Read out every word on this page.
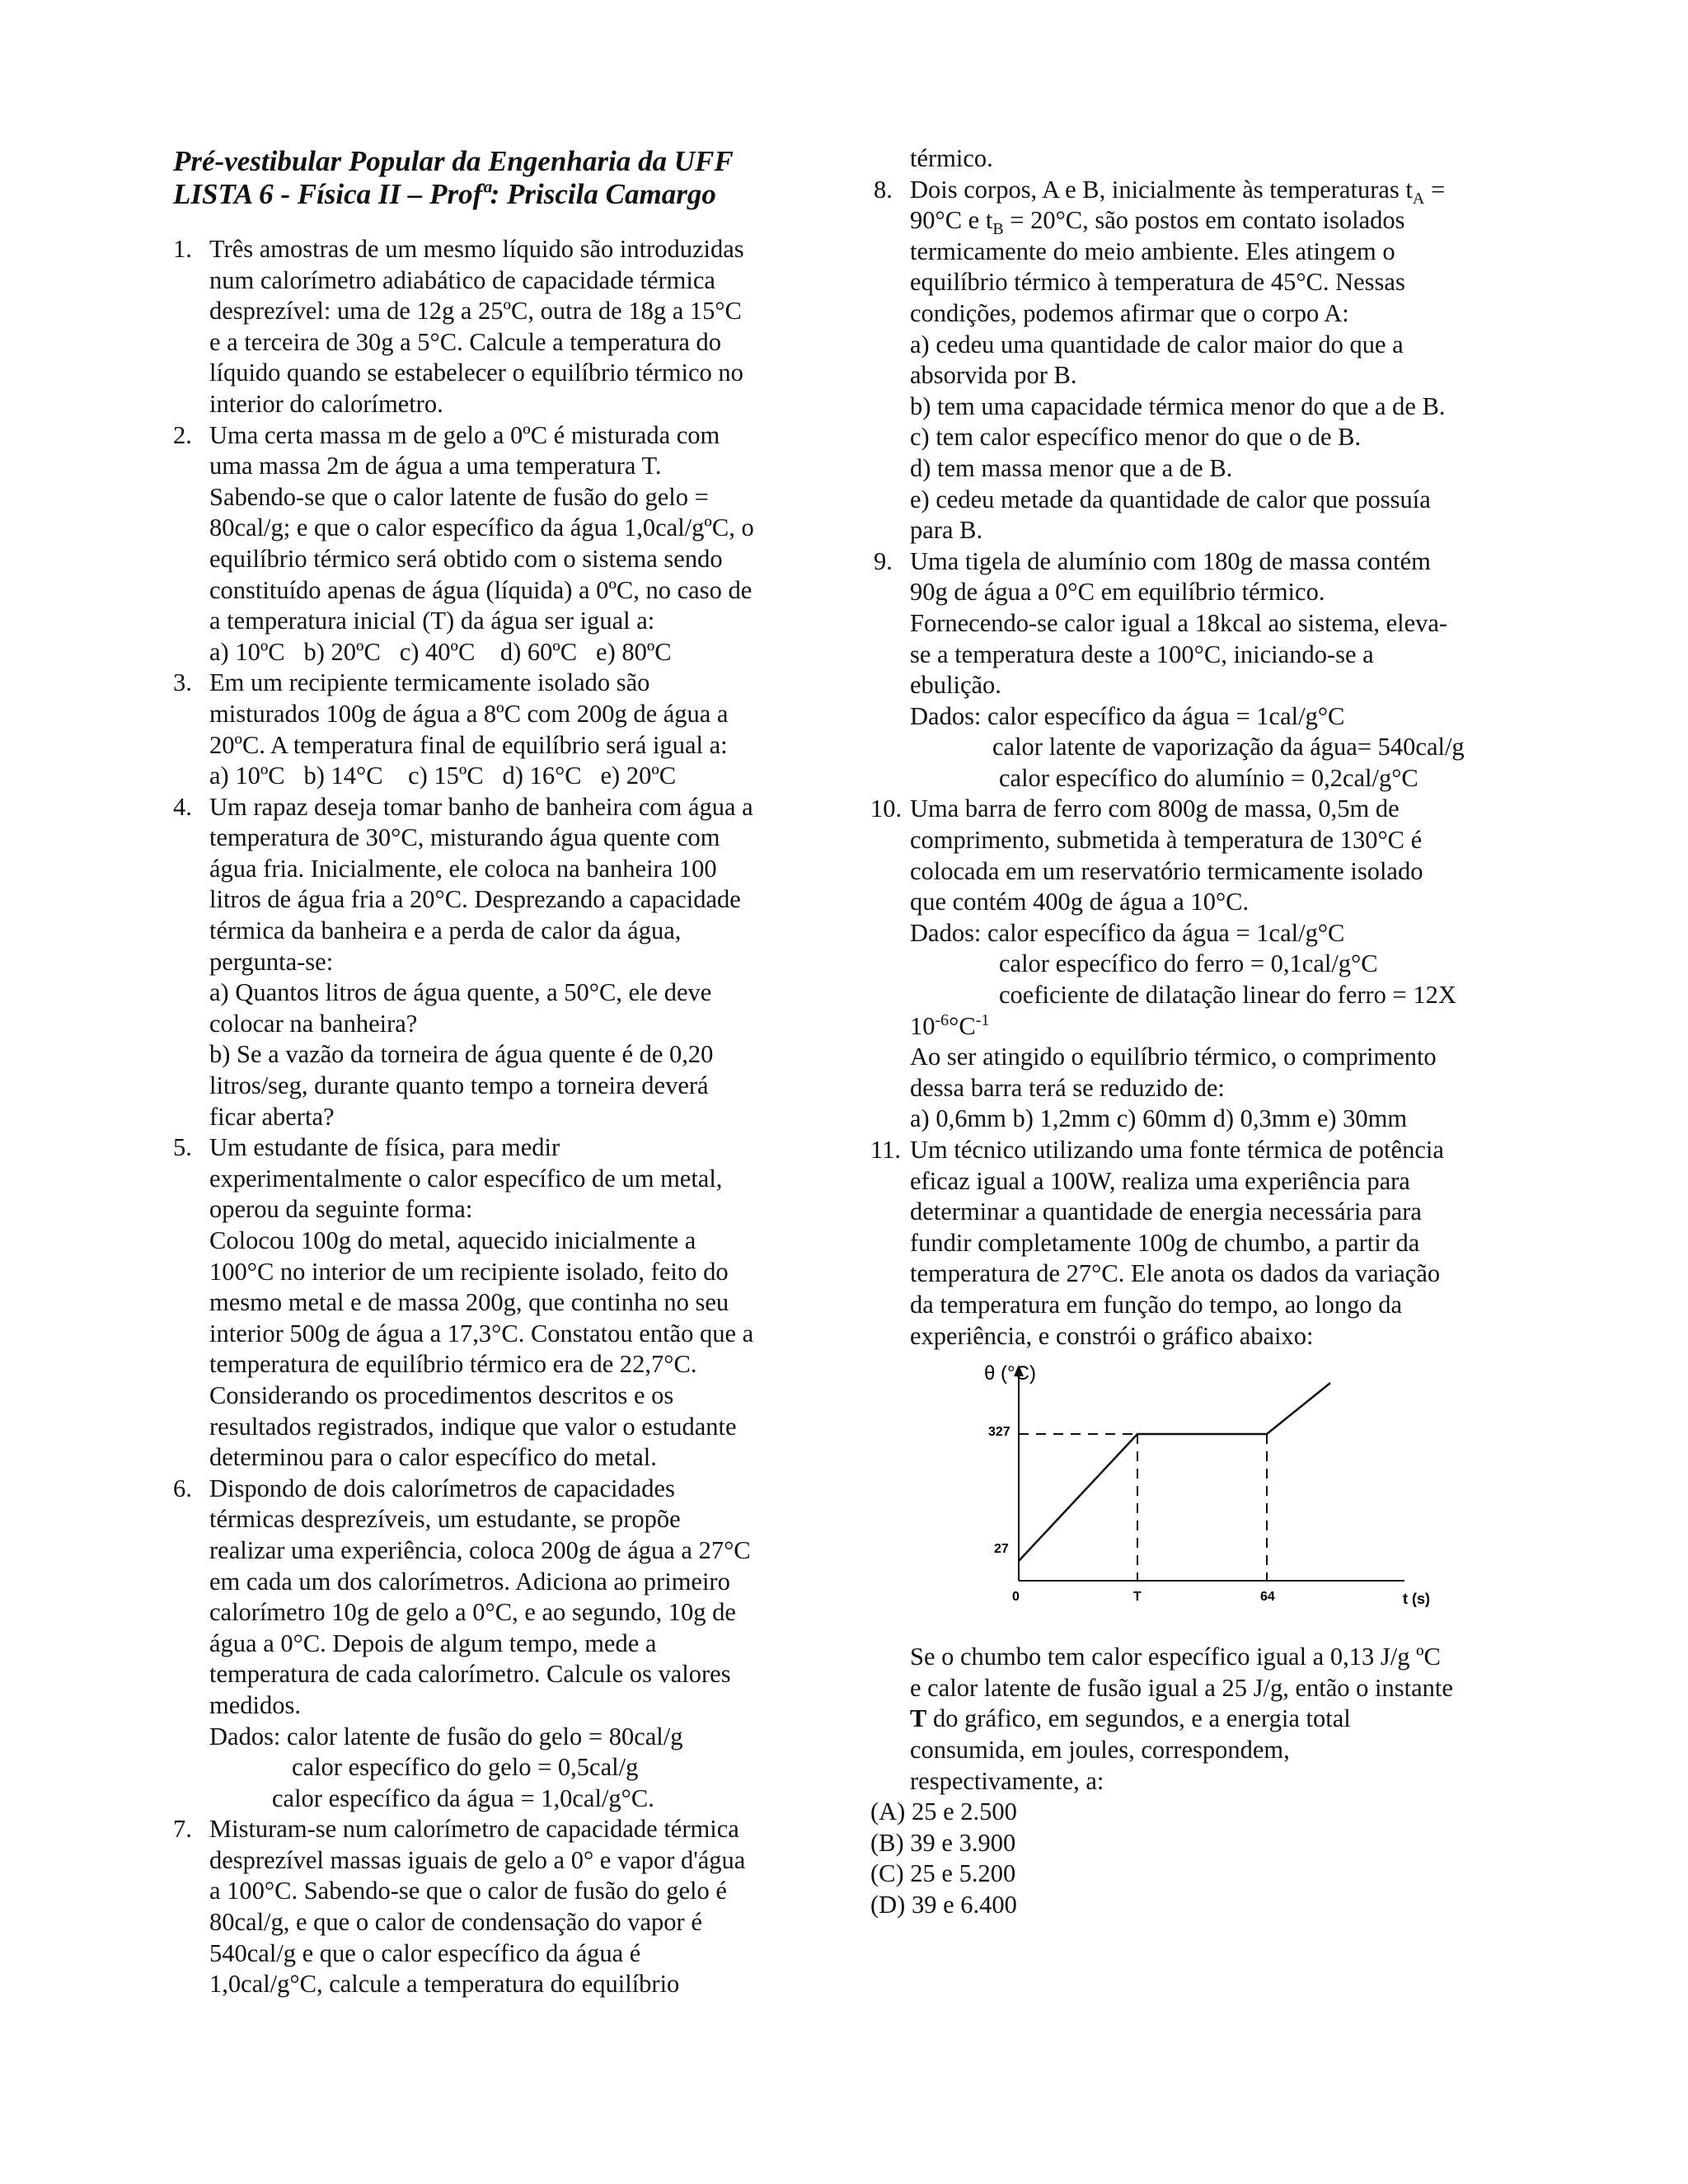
Pré-vestibular Popular da Engenharia da UFF

LISTA 6 - Física II – Profª: Priscila Camargo

1. Três amostras de um mesmo líquido são introduzidas
num calorímetro adiabático de capacidade térmica
desprezível: uma de 12g a 25ºC, outra de 18g a 15°C
e a terceira de 30g a 5°C. Calcule a temperatura do
líquido quando se estabelecer o equilíbrio térmico no
interior do calorímetro.
2. Uma certa massa m de gelo a 0ºC é misturada com
uma massa 2m de água a uma temperatura T.
Sabendo-se que o calor latente de fusão do gelo =
80cal/g; e que o calor específico da água 1,0cal/gºC, o
equilíbrio térmico será obtido com o sistema sendo
constituído apenas de água (líquida) a 0ºC, no caso de
a temperatura inicial (T) da água ser igual a:
a) 10ºC   b) 20ºC   c) 40ºC    d) 60ºC   e) 80ºC
3. Em um recipiente termicamente isolado são
misturados 100g de água a 8ºC com 200g de água a
20ºC. A temperatura final de equilíbrio será igual a:
a) 10ºC   b) 14°C    c) 15ºC   d) 16°C   e) 20ºC
4. Um rapaz deseja tomar banho de banheira com água a
temperatura de 30°C, misturando água quente com
água fria. Inicialmente, ele coloca na banheira 100
litros de água fria a 20°C. Desprezando a capacidade
térmica da banheira e a perda de calor da água,
pergunta-se:
a) Quantos litros de água quente, a 50°C, ele deve
colocar na banheira?
b) Se a vazão da torneira de água quente é de 0,20
litros/seg, durante quanto tempo a torneira deverá
ficar aberta?
5. Um estudante de física, para medir
experimentalmente o calor específico de um metal,
operou da seguinte forma:
Colocou 100g do metal, aquecido inicialmente a
100°C no interior de um recipiente isolado, feito do
mesmo metal e de massa 200g, que continha no seu
interior 500g de água a 17,3°C. Constatou então que a
temperatura de equilíbrio térmico era de 22,7°C.
Considerando os procedimentos descritos e os
resultados registrados, indique que valor o estudante
determinou para o calor específico do metal.
6. Dispondo de dois calorímetros de capacidades
térmicas desprezíveis, um estudante, se propõe
realizar uma experiência, coloca 200g de água a 27°C
em cada um dos calorímetros. Adiciona ao primeiro
calorímetro 10g de gelo a 0°C, e ao segundo, 10g de
água a 0°C. Depois de algum tempo, mede a
temperatura de cada calorímetro. Calcule os valores
medidos.
Dados: calor latente de fusão do gelo = 80cal/g
calor específico do gelo = 0,5cal/g
calor específico da água = 1,0cal/g°C.
7. Misturam-se num calorímetro de capacidade térmica
desprezível massas iguais de gelo a 0° e vapor d'água
a 100°C. Sabendo-se que o calor de fusão do gelo é
80cal/g, e que o calor de condensação do vapor é
540cal/g e que o calor específico da água é
1,0cal/g°C, calcule a temperatura do equilíbrio
térmico.
8. Dois corpos, A e B, inicialmente às temperaturas $t_A$ =
90°C e $t_B = 20^\circ C$, são postos em contato isolados
termicamente do meio ambiente. Eles atingem o
equilíbrio térmico à temperatura de 45°C. Nessas
condições, podemos afirmar que o corpo A:
a) cedeu uma quantidade de calor maior do que a
absorvida por B.
b) tem uma capacidade térmica menor do que a de B.
c) tem calor específico menor do que o de B.
d) tem massa menor que a de B.
e) cedeu metade da quantidade de calor que possuía
para B.
9. Uma tigela de alumínio com 180g de massa contém
90g de água a 0°C em equilíbrio térmico.
Fornecendo-se calor igual a 18kcal ao sistema, eleva-
se a temperatura deste a 100°C, iniciando-se a
ebulição.
Dados: calor específico da água = 1cal/g°C
calor latente de vaporização da água= 540cal/g
calor específico do alumínio = 0,2cal/g°C
10. Uma barra de ferro com 800g de massa, 0,5m de
comprimento, submetida à temperatura de 130°C é
colocada em um reservatório termicamente isolado
que contém 400g de água a 10°C.
Dados: calor específico da água = 1cal/g°C
calor específico do ferro = 0,1cal/g°C
coeficiente de dilatação linear do ferro = 12X
$10^{-6}^\circ C^{-1}$
Ao ser atingido o equilíbrio térmico, o comprimento
dessa barra terá se reduzido de:
a) 0,6mm b) 1,2mm c) 60mm d) 0,3mm e) 30mm
11. Um técnico utilizando uma fonte térmica de potência
eficaz igual a 100W, realiza uma experiência para
determinar a quantidade de energia necessária para
fundir completamente 100g de chumbo, a partir da
temperatura de 27°C. Ele anota os dados da variação
da temperatura em função do tempo, ao longo da
experiência, e constrói o gráfico abaixo:
θ (°C)
t (s)
327
27
0	T	64
Se o chumbo tem calor específico igual a 0,13 J/g ºC
e calor latente de fusão igual a 25 J/g, então o instante
T do gráfico, em segundos, e a energia total
consumida, em joules, correspondem,
respectivamente, a:
(A) 25 e 2.500
(B) 39 e 3.900
(C) 25 e 5.200
(D) 39 e 6.400
